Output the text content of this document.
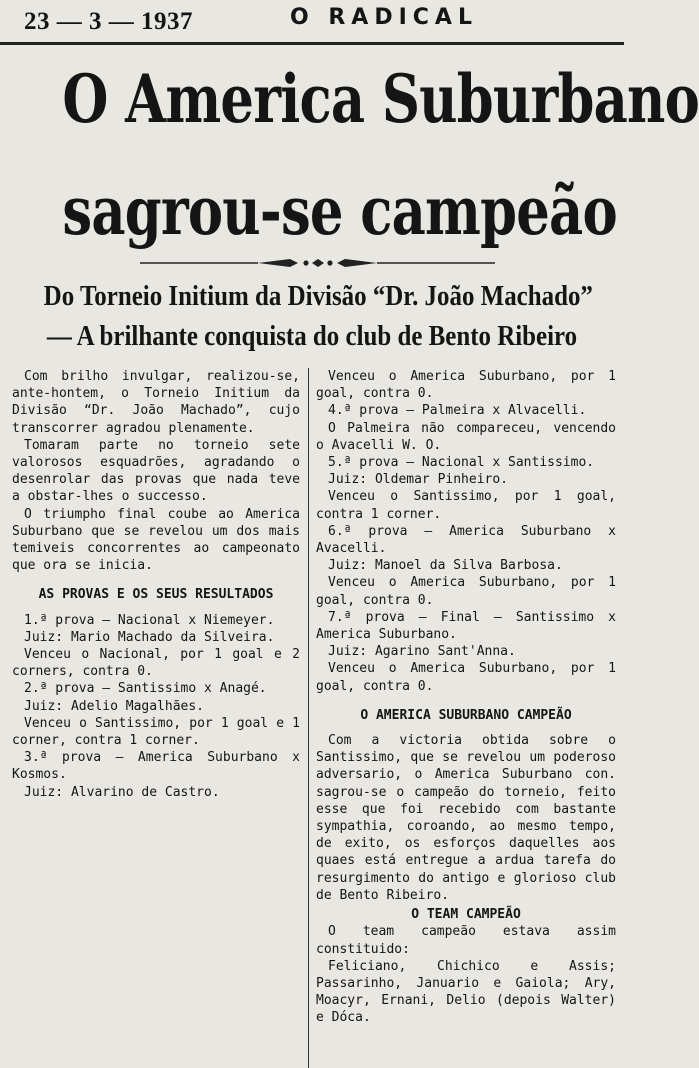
23 — 3 — 1937	O RADICAL
O America Suburbano
sagrou-se campeão
Do Torneio Initium da Divisão “Dr. João Machado”
— A brilhante conquista do club de Bento Ribeiro

Com brilho invulgar, realizou-se, ante-hontem, o Torneio Initium da Divisão “Dr. João Machado”, cujo transcorrer agradou plenamente.

Tomaram parte no torneio sete valorosos esquadrões, agradando o desenrolar das provas que nada teve a obstar-lhes o successo.

O triumpho final coube ao America Suburbano que se revelou um dos mais temiveis concorrentes ao campeonato que ora se inicia.

AS PROVAS E OS SEUS RESULTADOS

1.ª prova — Nacional x Niemeyer.

Juiz: Mario Machado da Silveira.

Venceu o Nacional, por 1 goal e 2 corners, contra 0.

2.ª prova — Santissimo x Anagé.

Juiz: Adelio Magalhães.

Venceu o Santissimo, por 1 goal e 1 corner, contra 1 corner.

3.ª prova — America Suburbano x Kosmos.

Juiz: Alvarino de Castro.

Venceu o America Suburbano, por 1 goal, contra 0.

4.ª prova — Palmeira x Alvacelli.

O Palmeira não compareceu, vencendo o Avacelli W. O.

5.ª prova — Nacional x Santissimo.

Juiz: Oldemar Pinheiro.

Venceu o Santissimo, por 1 goal, contra 1 corner.

6.ª prova — America Suburbano x Avacelli.

Juiz: Manoel da Silva Barbosa.

Venceu o America Suburbano, por 1 goal, contra 0.

7.ª prova — Final — Santissimo x America Suburbano.

Juiz: Agarino Sant'Anna.

Venceu o America Suburbano, por 1 goal, contra 0.

O AMERICA SUBURBANO CAMPEÃO

Com a victoria obtida sobre o Santissimo, que se revelou um poderoso adversario, o America Suburbano con. sagrou-se o campeão do torneio, feito esse que foi recebido com bastante sympathia, coroando, ao mesmo tempo, de exito, os esforços daquelles aos quaes está entregue a ardua tarefa do resurgimento do antigo e glorioso club de Bento Ribeiro.

O TEAM CAMPEÃO

O team campeão estava assim constituido:

Feliciano, Chichico e Assis; Passarinho, Januario e Gaiola; Ary, Moacyr, Ernani, Delio (depois Walter) e Dóca.
